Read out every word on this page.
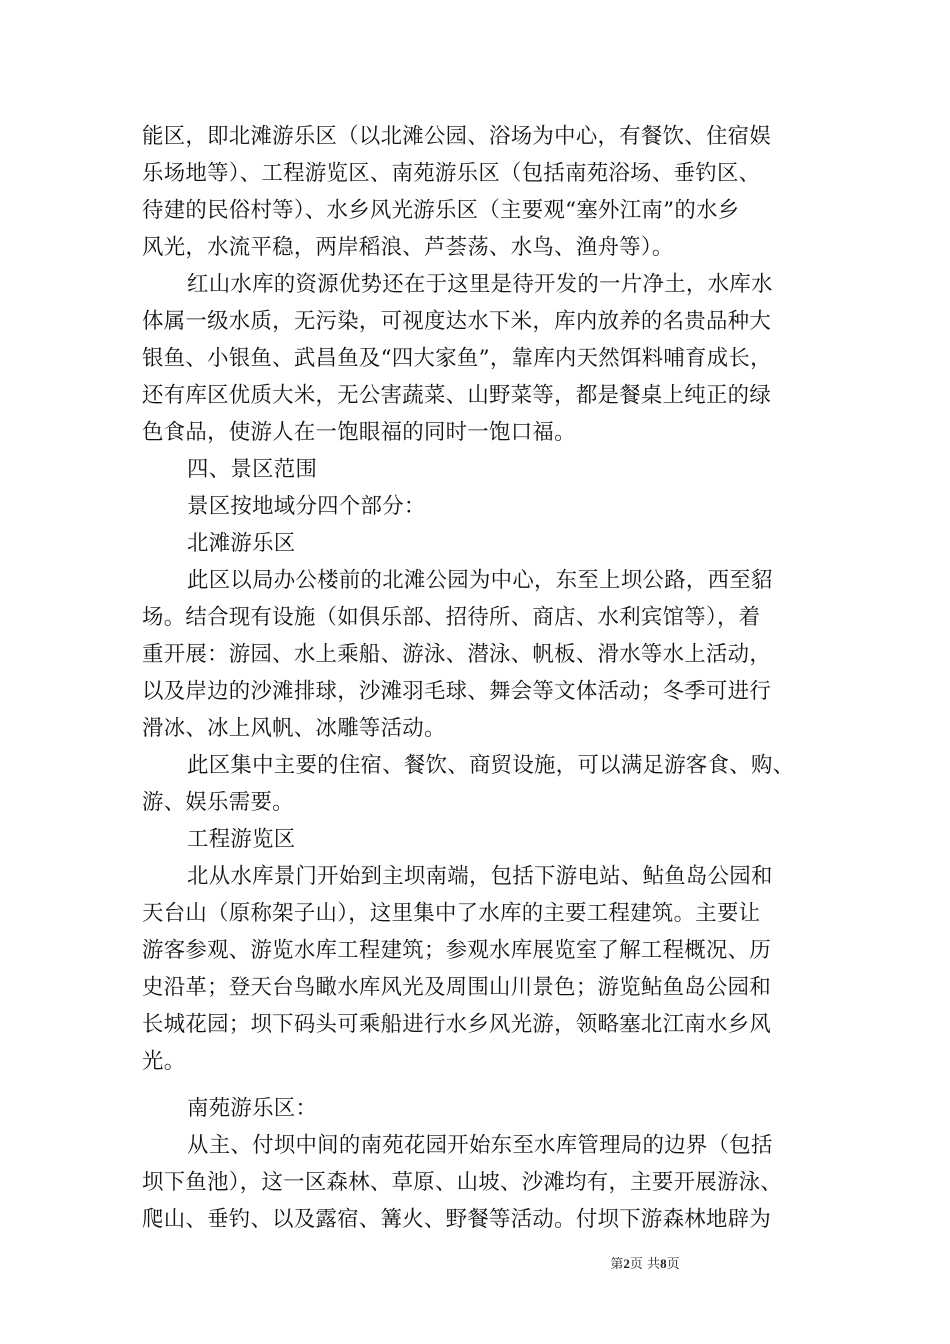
能区，即北滩游乐区（以北滩公园、浴场为中心，有餐饮、住宿娱
乐场地等）、工程游览区、南苑游乐区（包括南苑浴场、垂钓区、
待建的民俗村等）、水乡风光游乐区（主要观“塞外江南”的水乡
风光，水流平稳，两岸稻浪、芦荟荡、水鸟、渔舟等）。
红山水库的资源优势还在于这里是待开发的一片净土，水库水
体属一级水质，无污染，可视度达水下米，库内放养的名贵品种大
银鱼、小银鱼、武昌鱼及“四大家鱼”，靠库内天然饵料哺育成长，
还有库区优质大米，无公害蔬菜、山野菜等，都是餐桌上纯正的绿
色食品，使游人在一饱眼福的同时一饱口福。
四、景区范围
景区按地域分四个部分：
北滩游乐区
此区以局办公楼前的北滩公园为中心，东至上坝公路，西至貂
场。结合现有设施（如俱乐部、招待所、商店、水利宾馆等），着
重开展：游园、水上乘船、游泳、潜泳、帆板、滑水等水上活动，
以及岸边的沙滩排球，沙滩羽毛球、舞会等文体活动；冬季可进行
滑冰、冰上风帆、冰雕等活动。
此区集中主要的住宿、餐饮、商贸设施，可以满足游客食、购、
游、娱乐需要。
工程游览区
北从水库景门开始到主坝南端，包括下游电站、鲇鱼岛公园和
天台山（原称架子山），这里集中了水库的主要工程建筑。主要让
游客参观、游览水库工程建筑；参观水库展览室了解工程概况、历
史沿革；登天台鸟瞰水库风光及周围山川景色；游览鲇鱼岛公园和
长城花园；坝下码头可乘船进行水乡风光游，领略塞北江南水乡风
光。
南苑游乐区：
从主、付坝中间的南苑花园开始东至水库管理局的边界（包括
坝下鱼池），这一区森林、草原、山坡、沙滩均有，主要开展游泳、
爬山、垂钓、以及露宿、篝火、野餐等活动。付坝下游森林地辟为
第2页 共8页
